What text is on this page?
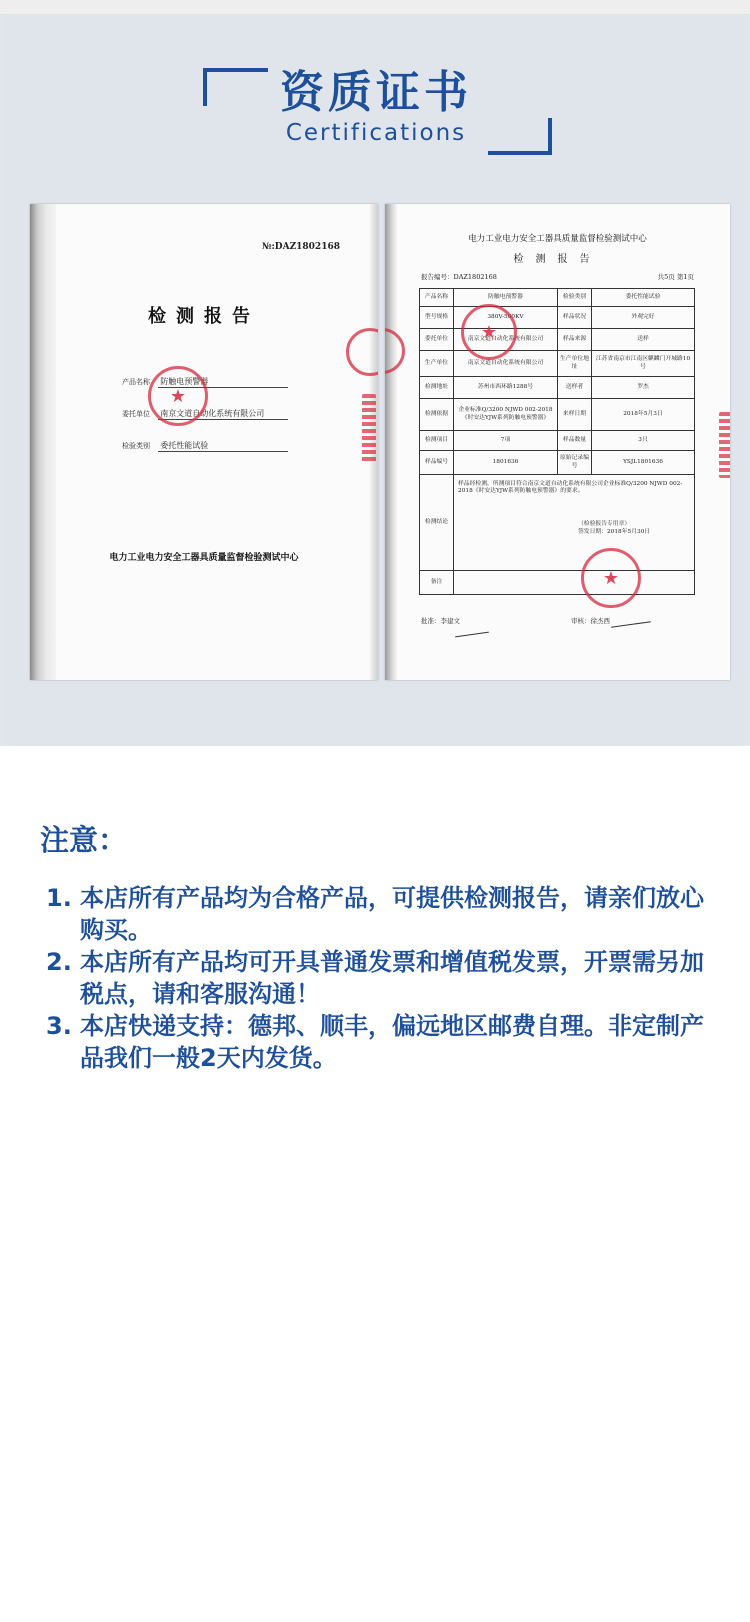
资质证书
Certifications
№:DAZ1802168
检测报告
产品名称 防触电预警器
委托单位 南京文道自动化系统有限公司
检验类别 委托性能试验
★
电力工业电力安全工器具质量监督检验测试中心
电力工业电力安全工器具质量监督检验测试中心
检测报告
报告编号：DAZ1802168	共5页 第1页
产品名称	防触电预警器	检验类别	委托性能试验
型号规格	380V-500KV	样品状况	外观完好
委托单位	南京文道自动化系统有限公司	样品来源	送样
生产单位	南京文道自动化系统有限公司	生产单位地址	江苏省南京市江南区麒麟门开城路10号
检测地址	苏州市西环路1288号	送样者	罗杰
检测依据	企业标准Q/3200 NJWD 002-2018《时安达YJW系列防触电预警器》	来样日期	2018年5月3日
检测项目	7项	样品数量	3只
样品编号	1801636	原始记录编号	YSJL1801636
检测结论	样品经检测，所测项目符合南京文道自动化系统有限公司企业标准Q/3200 NJWD 002-2018《时安达YJW系列防触电预警器》的要求。
（检验报告专用章）
签发日期：2018年5月30日		

备注			
★
★
批准：李建文	审核：徐杰西
注意：
1. 本店所有产品均为合格产品，可提供检测报告，请亲们放心购买。
2. 本店所有产品均可开具普通发票和增值税发票，开票需另加税点，请和客服沟通！
3. 本店快递支持：德邦、顺丰，偏远地区邮费自理。非定制产品我们一般2天内发货。
